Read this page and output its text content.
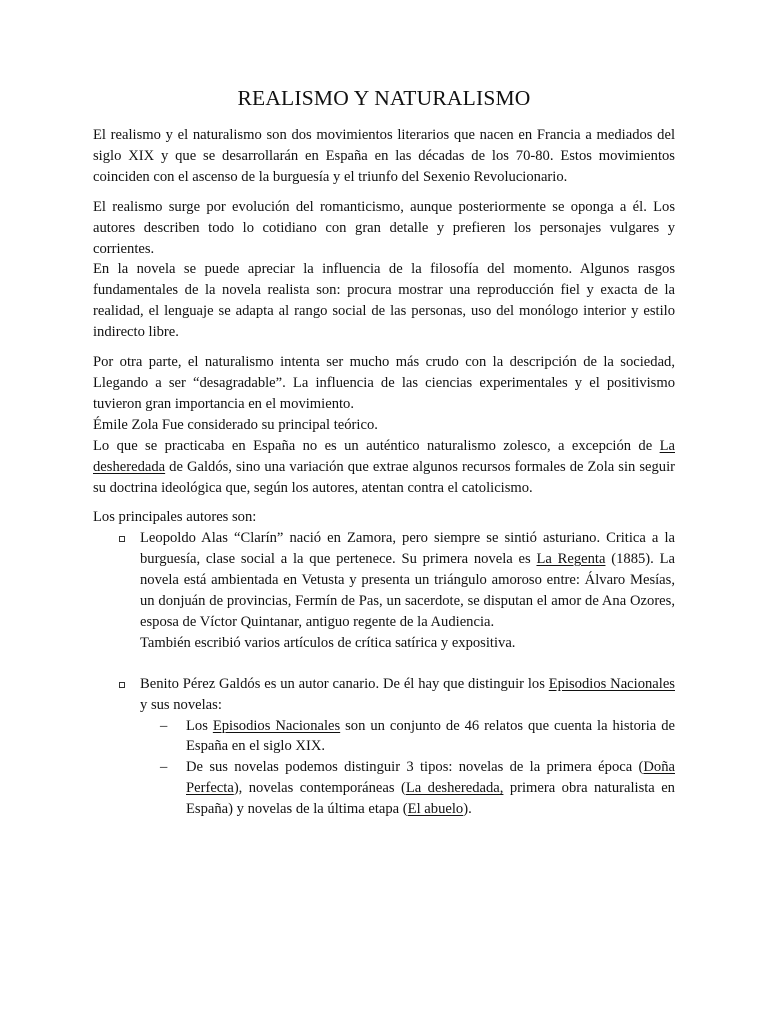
REALISMO Y NATURALISMO

El realismo y el naturalismo son dos movimientos literarios que nacen en Francia a mediados del siglo XIX y que se desarrollarán en España en las décadas de los 70-80. Estos movimientos coinciden con el ascenso de la burguesía y el triunfo del Sexenio Revolucionario.

El realismo surge por evolución del romanticismo, aunque posteriormente se oponga a él. Los autores describen todo lo cotidiano con gran detalle y prefieren los personajes vulgares y corrientes.

En la novela se puede apreciar la influencia de la filosofía del momento. Algunos rasgos fundamentales de la novela realista son: procura mostrar una reproducción fiel y exacta de la realidad, el lenguaje se adapta al rango social de las personas, uso del monólogo interior y estilo indirecto libre.

Por otra parte, el naturalismo intenta ser mucho más crudo con la descripción de la sociedad, Llegando a ser “desagradable”. La influencia de las ciencias experimentales y el positivismo tuvieron gran importancia en el movimiento.

Émile Zola Fue considerado su principal teórico.

Lo que se practicaba en España no es un auténtico naturalismo zolesco, a excepción de La desheredada de Galdós, sino una variación que extrae algunos recursos formales de Zola sin seguir su doctrina ideológica que, según los autores, atentan contra el catolicismo.

Los principales autores son:

Leopoldo Alas “Clarín” nació en Zamora, pero siempre se sintió asturiano. Critica a la burguesía, clase social a la que pertenece. Su primera novela es La Regenta (1885). La novela está ambientada en Vetusta y presenta un triángulo amoroso entre: Álvaro Mesías, un donjuán de provincias, Fermín de Pas, un sacerdote, se disputan el amor de Ana Ozores, esposa de Víctor Quintanar, antiguo regente de la Audiencia.
También escribió varios artículos de crítica satírica y expositiva.
Benito Pérez Galdós es un autor canario. De él hay que distinguir los Episodios Nacionales y sus novelas:
– Los Episodios Nacionales son un conjunto de 46 relatos que cuenta la historia de España en el siglo XIX.
– De sus novelas podemos distinguir 3 tipos: novelas de la primera época (Doña Perfecta), novelas contemporáneas (La desheredada, primera obra naturalista en España) y novelas de la última etapa (El abuelo).
